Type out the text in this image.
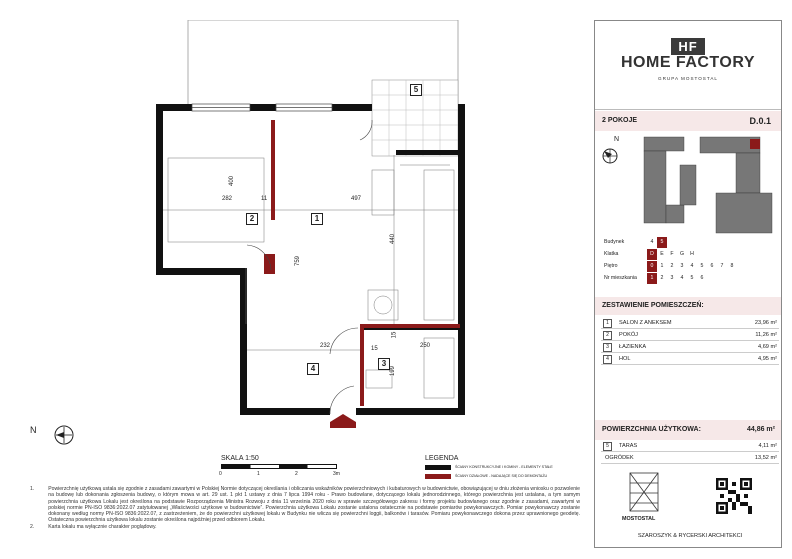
5
2	1
3
4
400
282	11	497
440
759
232	15	250
15
199
N
SKALA 1:50
0	1	2	3m
LEGENDA
ŚCIANY KONSTRUKCYJNE I KOMINY - ELEMENTY STAŁE
ŚCIANY DZIAŁOWE - NADAJĄCE SIĘ DO DEMONTAŻU
1.	Powierzchnię użytkową ustala się zgodnie z zasadami zawartymi w Polskiej Normie dotyczącej określania i obliczania wskaźników powierzchniowych i kubaturowych w budownictwie, obowiązującej w dniu złożenia wniosku o pozwolenie na budowę lub dokonania zgłoszenia budowy, o którym mowa w art. 29 ust. 1 pkt 1 ustawy z dnia 7 lipca 1994 roku - Prawo budowlane, dotyczącego lokalu jednorodzinnego, którego powierzchnia jest ustalana, a tym samym powierzchnia użytkowa Lokalu jest określona na podstawie Rozporządzenia Ministra Rozwoju z dnia 11 września 2020 roku w sprawie szczegółowego zakresu i formy projektu budowlanego oraz zgodnie z zasadami, zawartymi w polskiej normie PN-ISO 9836:2022.07 zatytułowanej „Właściwości użytkowe w budownictwie”. Powierzchnia użytkowa Lokalu zostanie ustalona ostatecznie na podstawie pomiarów powykonawczych. Pomiar powykonawczy zostanie dokonany według normy PN-ISO 9836:2022.07, z zastrzeżeniem, że do powierzchni użytkowej lokalu w Budynku nie wlicza się powierzchni loggii, balkonów i tarasów. Pomiaru powykonawczego dokona przez uprawnionego geodetę. Ostateczna powierzchnia użytkowa lokalu zostanie określona najpóźniej przed odbiorem Lokalu.
2.	Karta lokalu ma wyłącznie charakter poglądowy.
HF
HOME FACTORY
GRUPA MOSTOSTAL
2 POKOJE	D.0.1
N
Budynek	4	5
Klatka	D	E	F	G	H
Piętro	0	1	2	3	4	5	6	7	8
Nr mieszkania	1	2	3	4	5	6
ZESTAWIENIE POMIESZCZEŃ:
1	SALON Z ANEKSEM	23,96 m²
2	POKÓJ	11,26 m²
3	ŁAZIENKA	4,69 m²
4	HOL	4,95 m²
POWIERZCHNIA UŻYTKOWA:	44,86 m²
5	TARAS	4,11 m²
OGRÓDEK	13,52 m²
MOSTOSTAL
SZAROSZYK & RYCERSKI ARCHITEKCI
